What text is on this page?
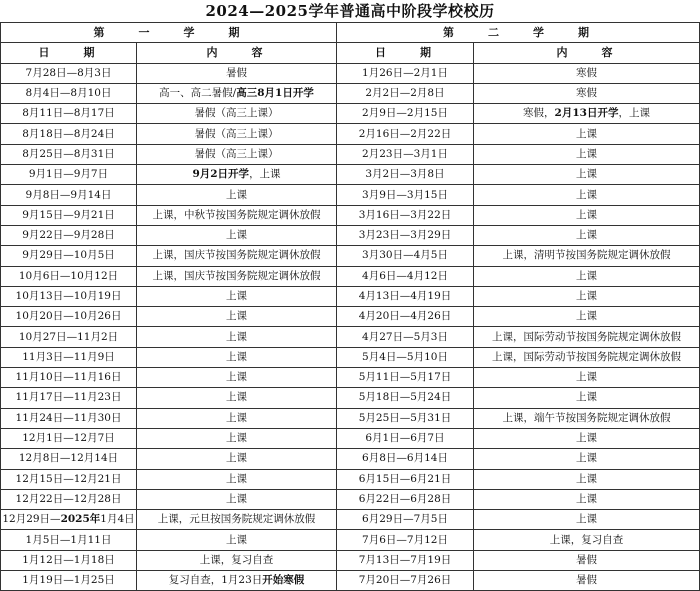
2024—2025学年普通高中阶段学校校历
第　　一　　学　　期		第　　二　　学　　期	
日　　期	内　　容	日　　期	内　　容
7月28日—8月3日	暑假	1月26日—2月1日	寒假
8月4日—8月10日	高一、高二暑假/高三8月1日开学	2月2日—2月8日	寒假
8月11日—8月17日	暑假（高三上课）	2月9日—2月15日	寒假，2月13日开学，上课
8月18日—8月24日	暑假（高三上课）	2月16日—2月22日	上课
8月25日—8月31日	暑假（高三上课）	2月23日—3月1日	上课
9月1日—9月7日	9月2日开学，上课	3月2日—3月8日	上课
9月8日—9月14日	上课	3月9日—3月15日	上课
9月15日—9月21日	上课，中秋节按国务院规定调休放假	3月16日—3月22日	上课
9月22日—9月28日	上课	3月23日—3月29日	上课
9月29日—10月5日	上课，国庆节按国务院规定调休放假	3月30日—4月5日	上课，清明节按国务院规定调休放假
10月6日—10月12日	上课，国庆节按国务院规定调休放假	4月6日—4月12日	上课
10月13日—10月19日	上课	4月13日—4月19日	上课
10月20日—10月26日	上课	4月20日—4月26日	上课
10月27日—11月2日	上课	4月27日—5月3日	上课，国际劳动节按国务院规定调休放假
11月3日—11月9日	上课	5月4日—5月10日	上课，国际劳动节按国务院规定调休放假
11月10日—11月16日	上课	5月11日—5月17日	上课
11月17日—11月23日	上课	5月18日—5月24日	上课
11月24日—11月30日	上课	5月25日—5月31日	上课，端午节按国务院规定调休放假
12月1日—12月7日	上课	6月1日—6月7日	上课
12月8日—12月14日	上课	6月8日—6月14日	上课
12月15日—12月21日	上课	6月15日—6月21日	上课
12月22日—12月28日	上课	6月22日—6月28日	上课
12月29日—2025年1月4日	上课，元旦按国务院规定调休放假	6月29日—7月5日	上课
1月5日—1月11日	上课	7月6日—7月12日	上课，复习自查
1月12日—1月18日	上课，复习自查	7月13日—7月19日	暑假
1月19日—1月25日	复习自查，1月23日开始寒假	7月20日—7月26日	暑假
